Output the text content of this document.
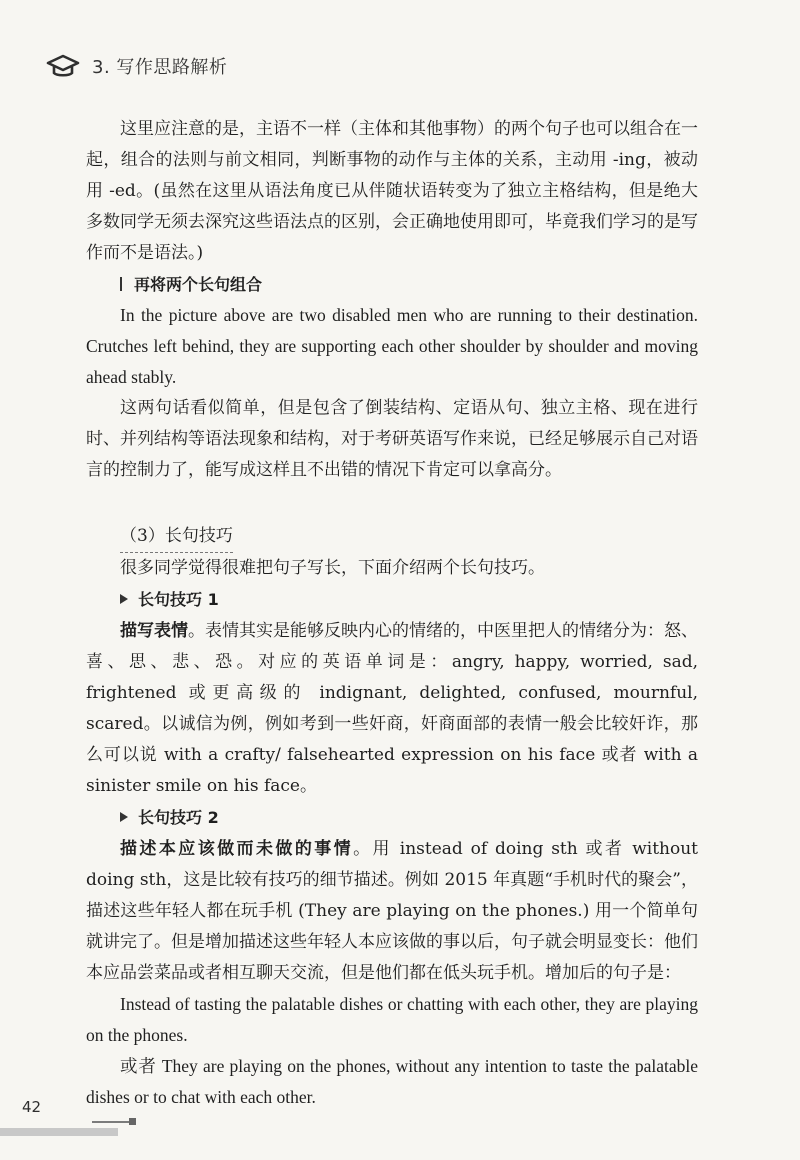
3. 写作思路解析

这里应注意的是，主语不一样（主体和其他事物）的两个句子也可以组合在一起，组合的法则与前文相同，判断事物的动作与主体的关系，主动用 -ing，被动用 -ed。(虽然在这里从语法角度已从伴随状语转变为了独立主格结构，但是绝大多数同学无须去深究这些语法点的区别，会正确地使用即可，毕竟我们学习的是写作而不是语法。)

再将两个长句组合

In the picture above are two disabled men who are running to their destination. Crutches left behind, they are supporting each other shoulder by shoulder and moving ahead stably.

这两句话看似简单，但是包含了倒装结构、定语从句、独立主格、现在进行时、并列结构等语法现象和结构，对于考研英语写作来说，已经足够展示自己对语言的控制力了，能写成这样且不出错的情况下肯定可以拿高分。

（3）长句技巧

很多同学觉得很难把句子写长，下面介绍两个长句技巧。

长句技巧 1

描写表情。表情其实是能够反映内心的情绪的，中医里把人的情绪分为：怒、喜、思、悲、恐。对应的英语单词是：angry, happy, worried, sad, frightened 或更高级的 indignant, delighted, confused, mournful, scared。以诚信为例，例如考到一些奸商，奸商面部的表情一般会比较奸诈，那么可以说 with a crafty/ falsehearted expression on his face 或者 with a sinister smile on his face。

长句技巧 2

描述本应该做而未做的事情。用 instead of doing sth 或者 without doing sth，这是比较有技巧的细节描述。例如 2015 年真题“手机时代的聚会”，描述这些年轻人都在玩手机 (They are playing on the phones.) 用一个简单句就讲完了。但是增加描述这些年轻人本应该做的事以后，句子就会明显变长：他们本应品尝菜品或者相互聊天交流，但是他们都在低头玩手机。增加后的句子是：

Instead of tasting the palatable dishes or chatting with each other, they are playing on the phones.

或者 They are playing on the phones, without any intention to taste the palatable dishes or to chat with each other.

42
